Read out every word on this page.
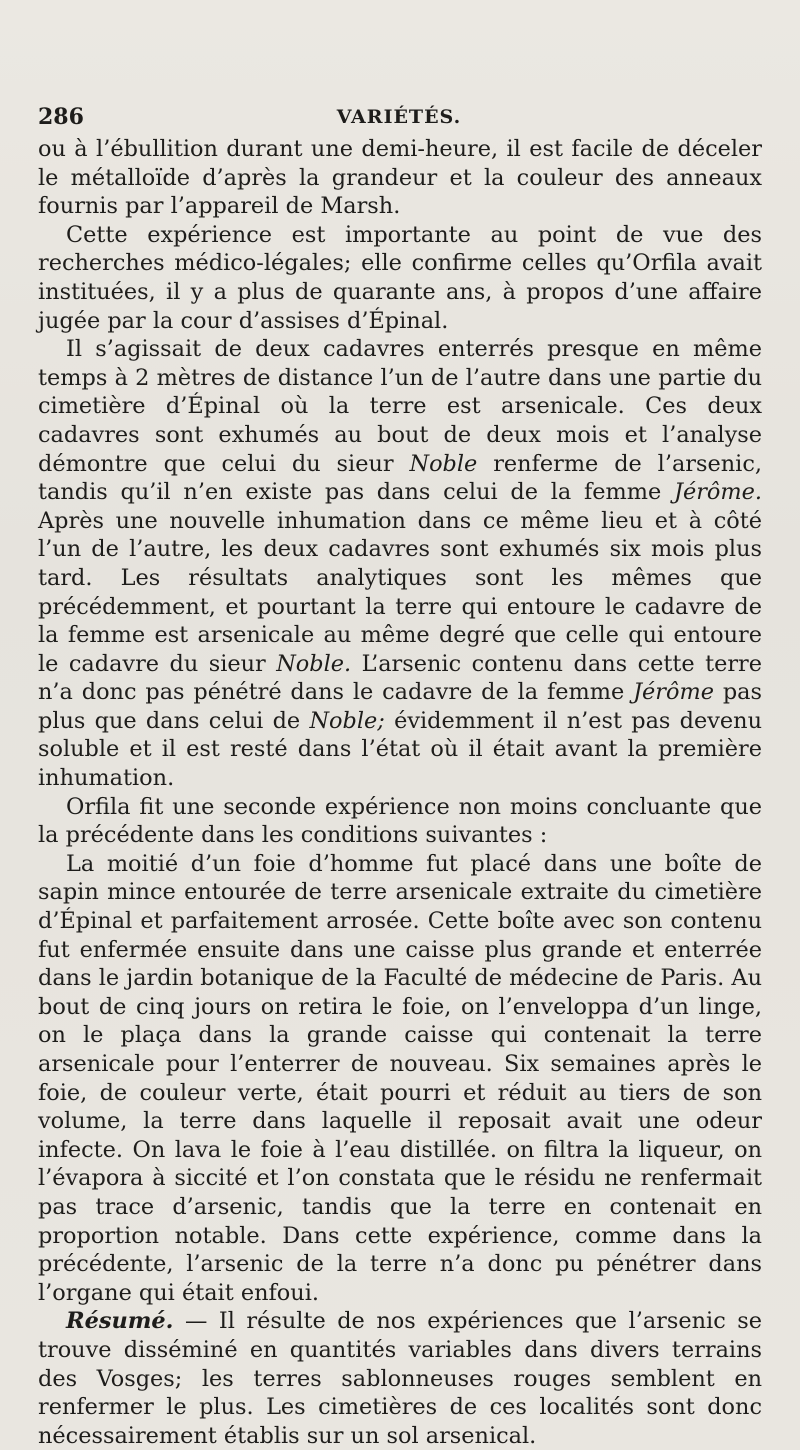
286	VARIÉTÉS.

ou à l’ébullition durant une demi-heure, il est facile de déceler le métalloïde d’après la grandeur et la couleur des anneaux fournis par l’appareil de Marsh.

Cette expérience est importante au point de vue des recherches médico-légales; elle confirme celles qu’Orfila avait instituées, il y a plus de quarante ans, à propos d’une affaire jugée par la cour d’assises d’Épinal.

Il s’agissait de deux cadavres enterrés presque en même temps à 2 mètres de distance l’un de l’autre dans une partie du cimetière d’Épinal où la terre est arsenicale. Ces deux cadavres sont exhumés au bout de deux mois et l’analyse démontre que celui du sieur Noble renferme de l’arsenic, tandis qu’il n’en existe pas dans celui de la femme Jérôme. Après une nouvelle inhumation dans ce même lieu et à côté l’un de l’autre, les deux cadavres sont exhumés six mois plus tard. Les résultats analytiques sont les mêmes que précédemment, et pourtant la terre qui entoure le cadavre de la femme est arsenicale au même degré que celle qui entoure le cadavre du sieur Noble. L’arsenic contenu dans cette terre n’a donc pas pénétré dans le cadavre de la femme Jérôme pas plus que dans celui de Noble; évidemment il n’est pas devenu soluble et il est resté dans l’état où il était avant la première inhumation.

Orfila fit une seconde expérience non moins concluante que la précédente dans les conditions suivantes :

La moitié d’un foie d’homme fut placé dans une boîte de sapin mince entourée de terre arsenicale extraite du cimetière d’Épinal et parfaitement arrosée. Cette boîte avec son contenu fut enfermée ensuite dans une caisse plus grande et enterrée dans le jardin botanique de la Faculté de médecine de Paris. Au bout de cinq jours on retira le foie, on l’enveloppa d’un linge, on le plaça dans la grande caisse qui contenait la terre arsenicale pour l’enterrer de nouveau. Six semaines après le foie, de couleur verte, était pourri et réduit au tiers de son volume, la terre dans laquelle il reposait avait une odeur infecte. On lava le foie à l’eau distillée. on filtra la liqueur, on l’évapora à siccité et l’on constata que le résidu ne renfermait pas trace d’arsenic, tandis que la terre en contenait en proportion notable. Dans cette expérience, comme dans la précédente, l’arsenic de la terre n’a donc pu pénétrer dans l’organe qui était enfoui.

Résumé. — Il résulte de nos expériences que l’arsenic se trouve disséminé en quantités variables dans divers terrains des Vosges; les terres sablonneuses rouges semblent en renfermer le plus. Les cimetières de ces localités sont donc nécessairement établis sur un sol arsenical.
